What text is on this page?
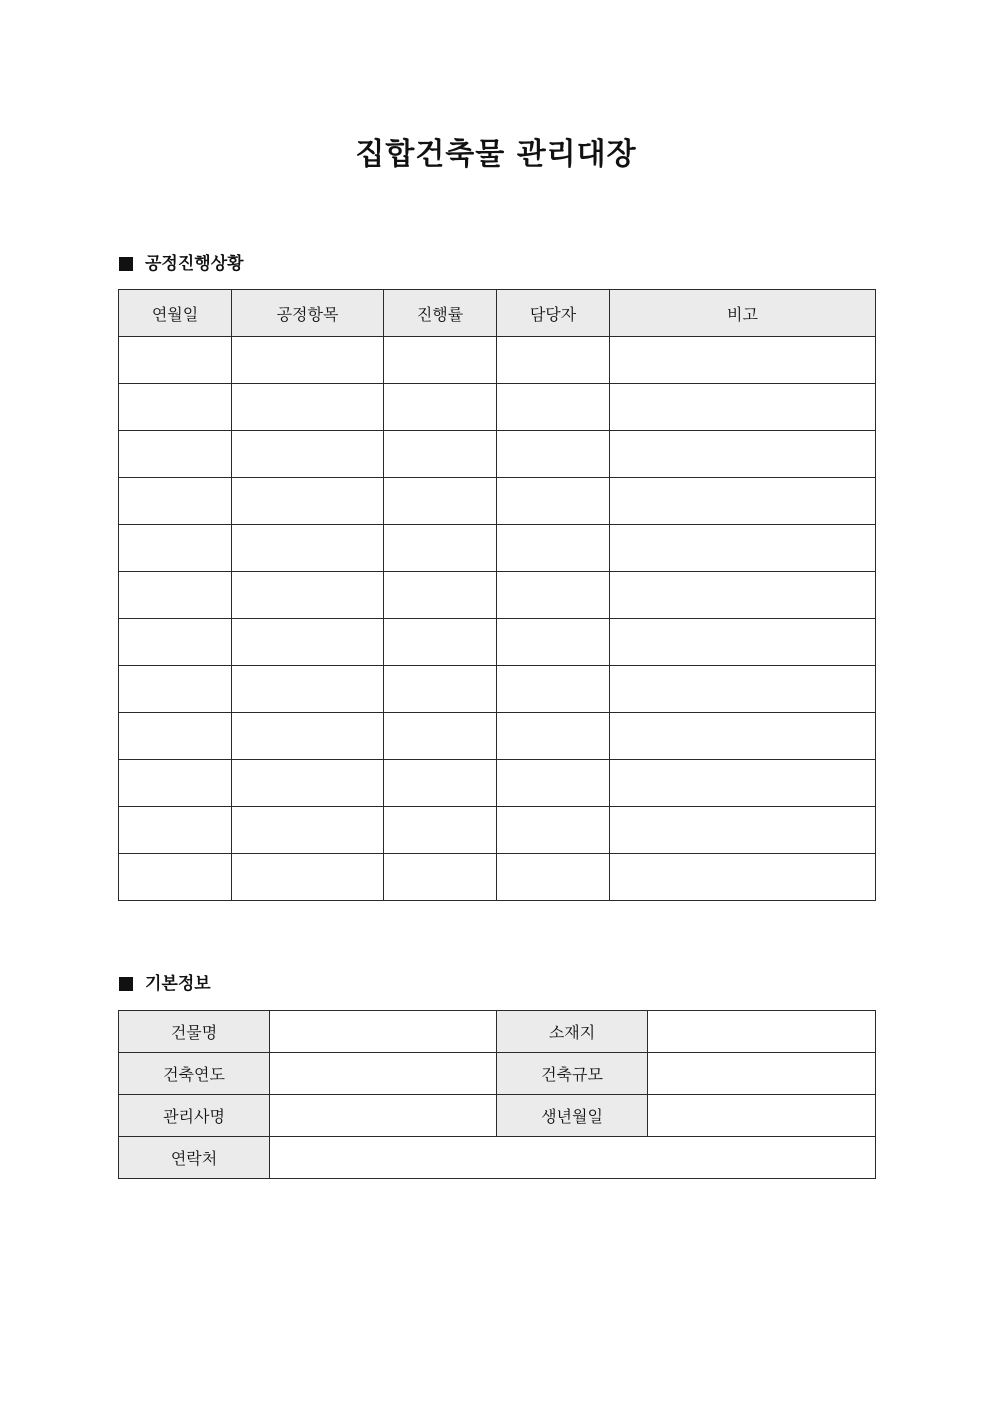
집합건축물 관리대장
공정진행상황
연월일	공정항목	진행률	담당자	비고

기본정보
건물명		소재지	
건축연도		건축규모	
관리사명		생년월일	
연락처			
